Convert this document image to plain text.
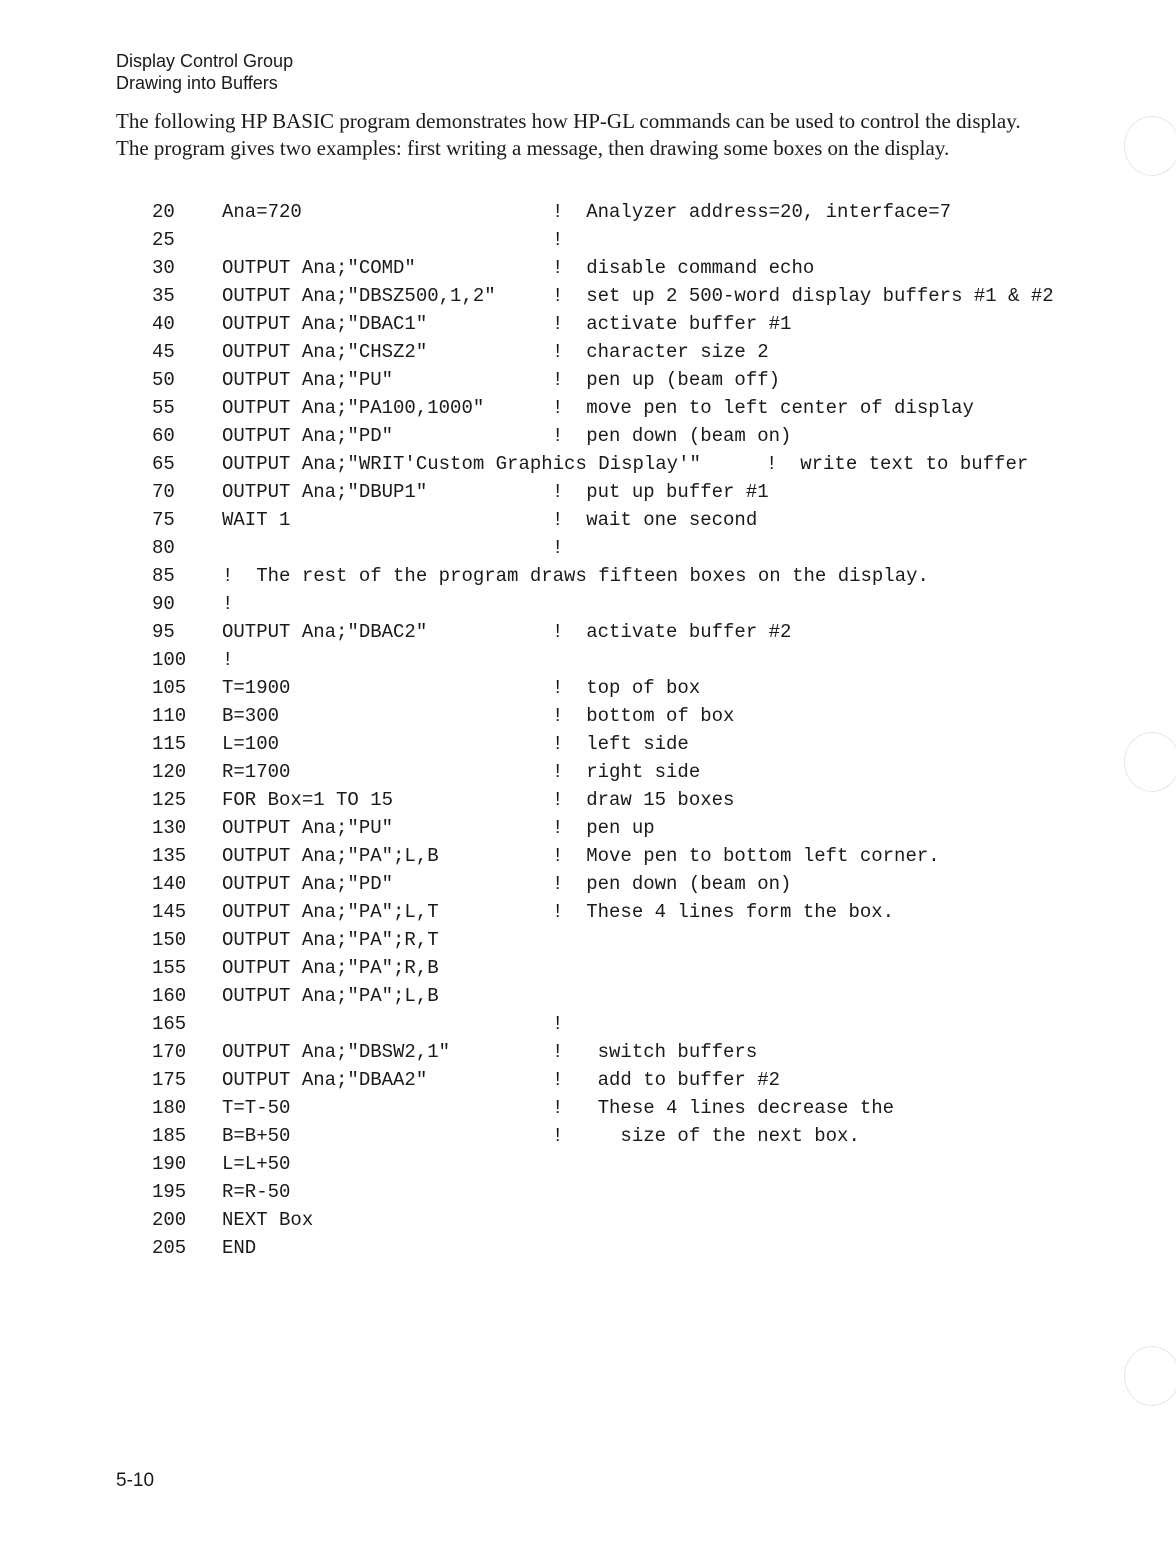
Display Control Group
Drawing into Buffers

The following HP BASIC program demonstrates how HP-GL commands can be used to control the display. The program gives two examples: first writing a message, then drawing some boxes on the display.

20 Ana=720	!  Analyzer address=20, interface=7
25	!
30 OUTPUT Ana;"COMD"	!  disable command echo
35 OUTPUT Ana;"DBSZ500,1,2"	!  set up 2 500-word display buffers #1 & #2
40 OUTPUT Ana;"DBAC1"	!  activate buffer #1
45 OUTPUT Ana;"CHSZ2"	!  character size 2
50 OUTPUT Ana;"PU"	!  pen up (beam off)
55 OUTPUT Ana;"PA100,1000"	!  move pen to left center of display
60 OUTPUT Ana;"PD"	!  pen down (beam on)
65 OUTPUT Ana;"WRIT'Custom Graphics Display'"	!  write text to buffer
70 OUTPUT Ana;"DBUP1"	!  put up buffer #1
75 WAIT 1	!  wait one second
80	!
85 !  The rest of the program draws fifteen boxes on the display.
90 !
95 OUTPUT Ana;"DBAC2"	!  activate buffer #2
100 !
105 T=1900	!  top of box
110 B=300	!  bottom of box
115 L=100	!  left side
120 R=1700	!  right side
125 FOR Box=1 TO 15	!  draw 15 boxes
130 OUTPUT Ana;"PU"	!  pen up
135 OUTPUT Ana;"PA";L,B	!  Move pen to bottom left corner.
140 OUTPUT Ana;"PD"	!  pen down (beam on)
145 OUTPUT Ana;"PA";L,T	!  These 4 lines form the box.
150 OUTPUT Ana;"PA";R,T
155 OUTPUT Ana;"PA";R,B
160 OUTPUT Ana;"PA";L,B
165	!
170 OUTPUT Ana;"DBSW2,1"	!   switch buffers
175 OUTPUT Ana;"DBAA2"	!   add to buffer #2
180 T=T-50	!   These 4 lines decrease the
185 B=B+50	!     size of the next box.
190 L=L+50
195 R=R-50
200 NEXT Box
205 END
5-10
